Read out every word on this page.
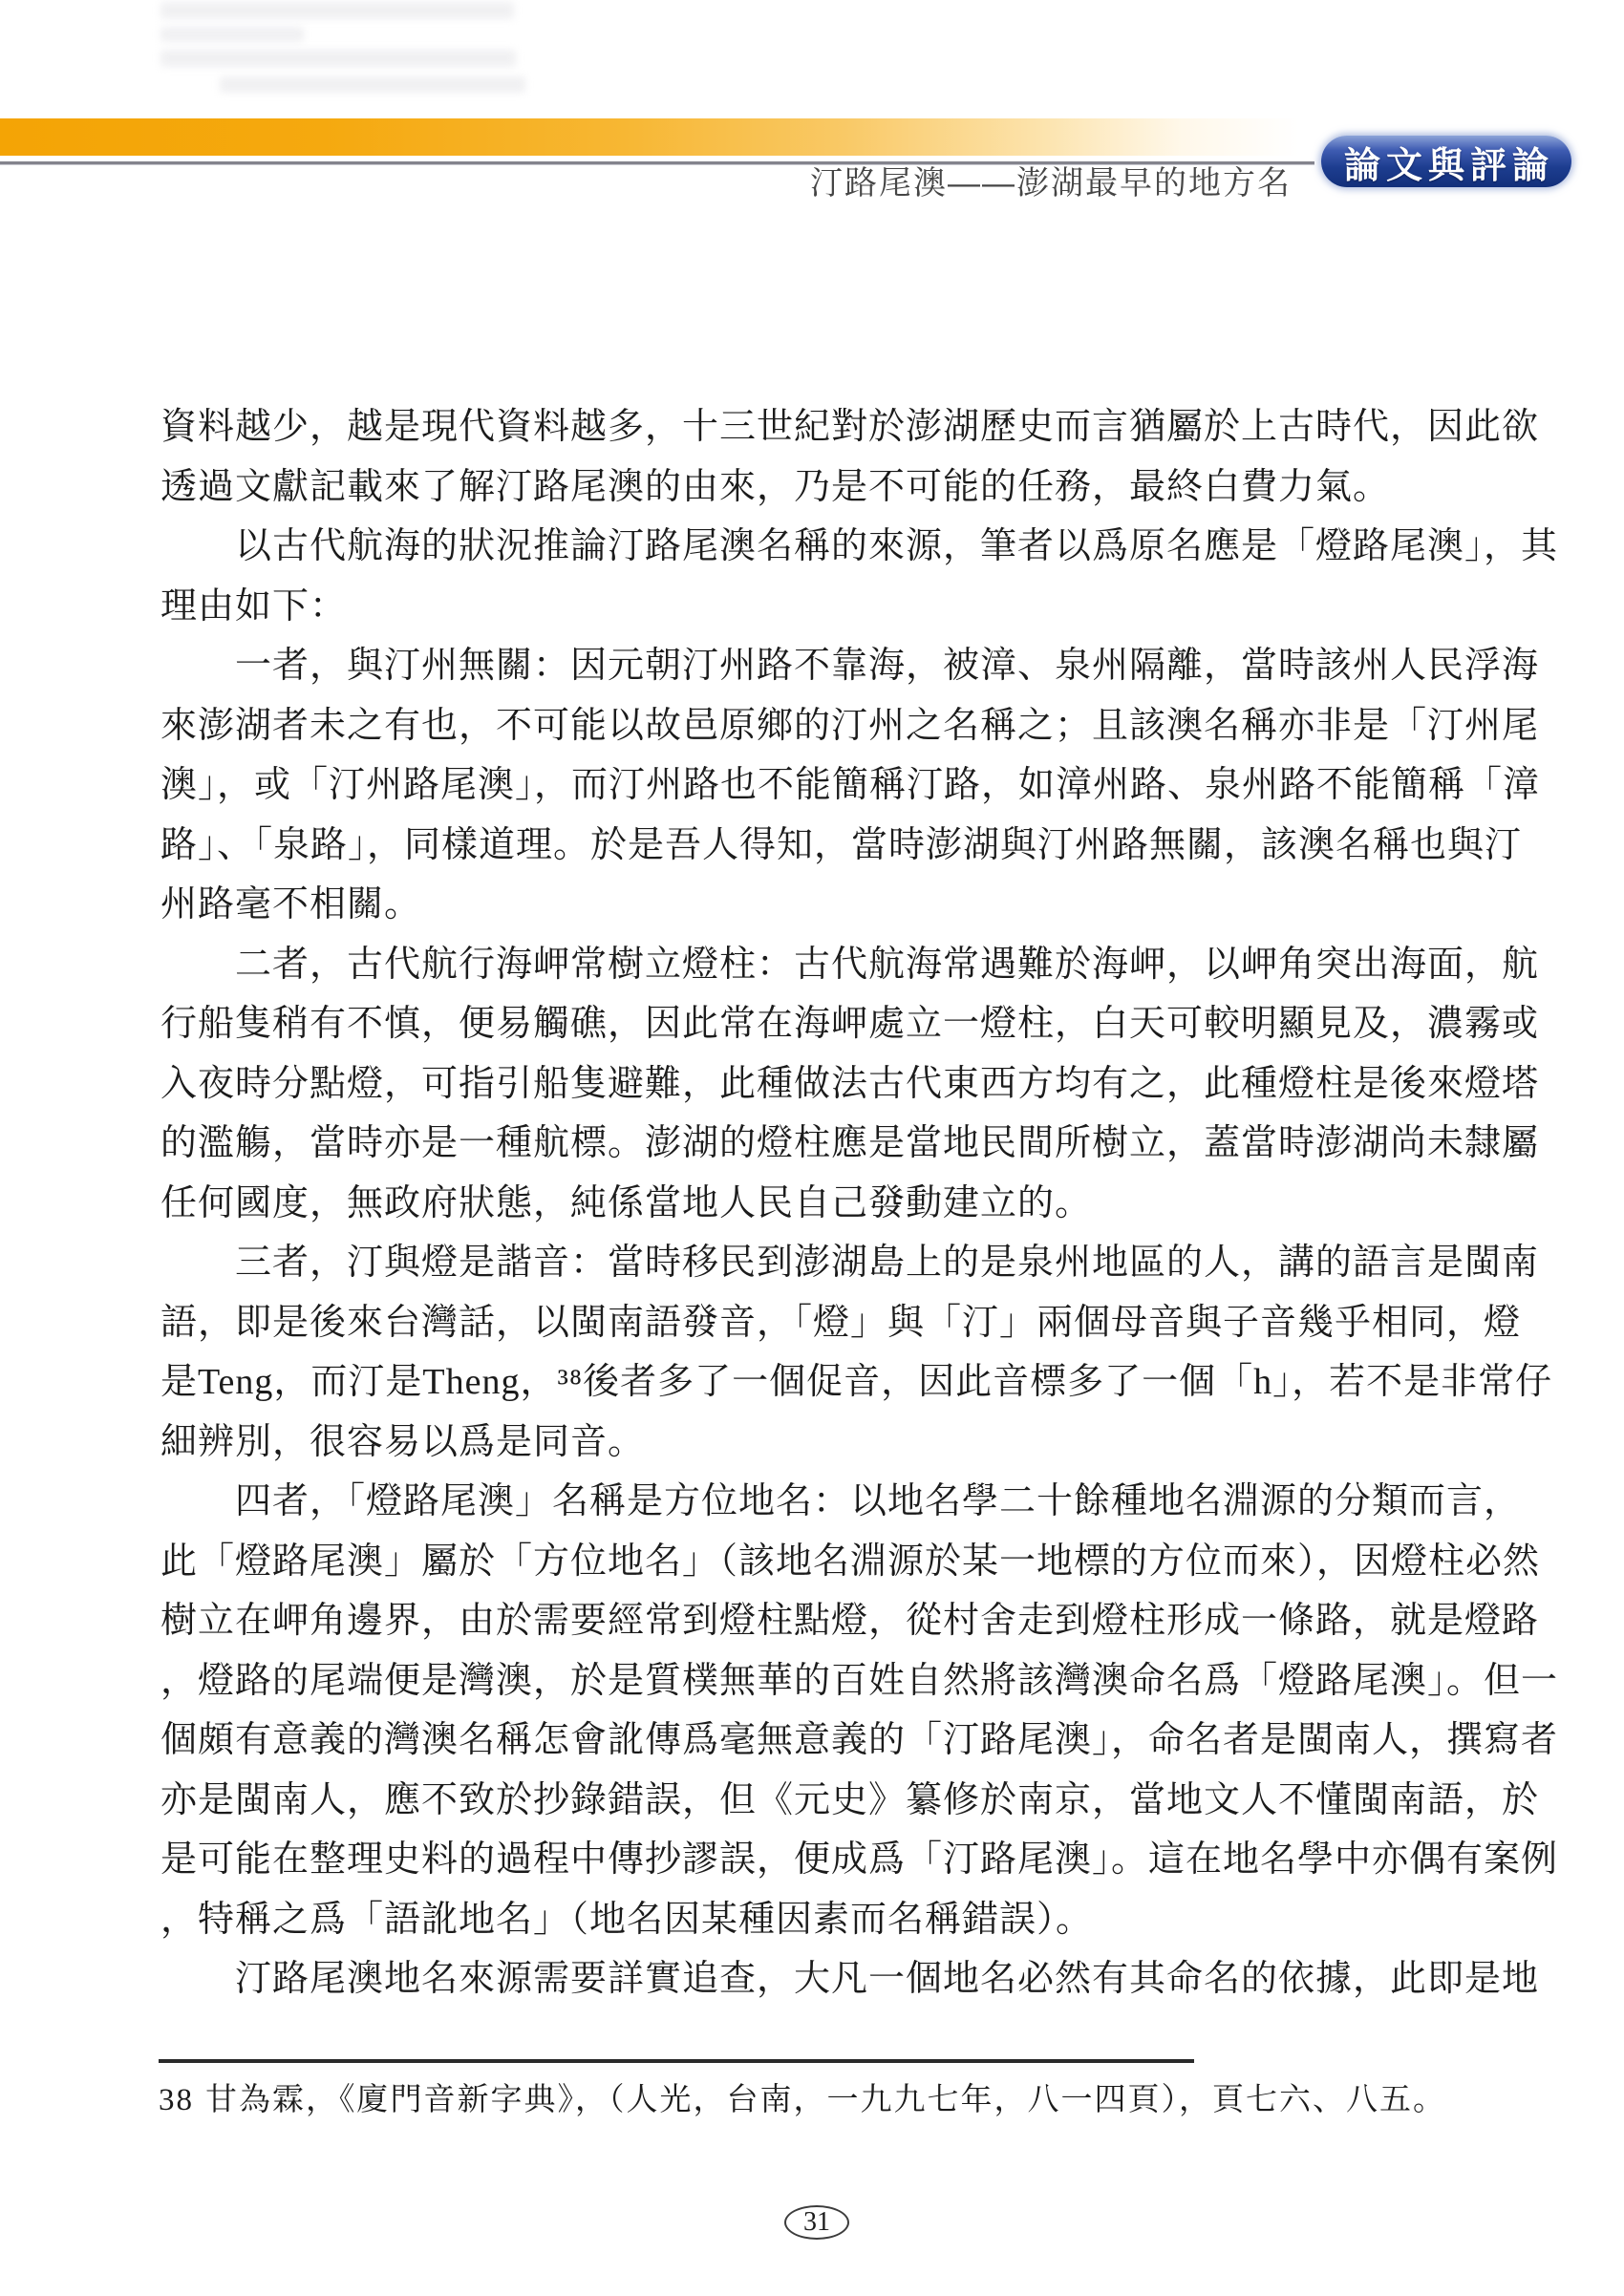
汀路尾澳——澎湖最早的地方名	論文與評論
資料越少，越是現代資料越多，十三世紀對於澎湖歷史而言猶屬於上古時代，因此欲
透過文獻記載來了解汀路尾澳的由來，乃是不可能的任務，最終白費力氣。
以古代航海的狀況推論汀路尾澳名稱的來源，筆者以爲原名應是「燈路尾澳」，其
理由如下：
一者，與汀州無關：因元朝汀州路不靠海，被漳、泉州隔離，當時該州人民浮海
來澎湖者未之有也，不可能以故邑原鄉的汀州之名稱之；且該澳名稱亦非是「汀州尾
澳」，或「汀州路尾澳」，而汀州路也不能簡稱汀路，如漳州路、泉州路不能簡稱「漳
路」、「泉路」，同樣道理。於是吾人得知，當時澎湖與汀州路無關，該澳名稱也與汀
州路毫不相關。
二者，古代航行海岬常樹立燈柱：古代航海常遇難於海岬，以岬角突出海面，航
行船隻稍有不慎，便易觸礁，因此常在海岬處立一燈柱，白天可較明顯見及，濃霧或
入夜時分點燈，可指引船隻避難，此種做法古代東西方均有之，此種燈柱是後來燈塔
的濫觴，當時亦是一種航標。澎湖的燈柱應是當地民間所樹立，蓋當時澎湖尚未隸屬
任何國度，無政府狀態，純係當地人民自己發動建立的。
三者，汀與燈是諧音：當時移民到澎湖島上的是泉州地區的人，講的語言是閩南
語，即是後來台灣話，以閩南語發音，「燈」與「汀」兩個母音與子音幾乎相同，燈
是Teng，而汀是Theng，³⁸後者多了一個促音，因此音標多了一個「h」，若不是非常仔
細辨別，很容易以爲是同音。
四者，「燈路尾澳」名稱是方位地名：以地名學二十餘種地名淵源的分類而言，
此「燈路尾澳」屬於「方位地名」（該地名淵源於某一地標的方位而來），因燈柱必然
樹立在岬角邊界，由於需要經常到燈柱點燈，從村舍走到燈柱形成一條路，就是燈路
，燈路的尾端便是灣澳，於是質樸無華的百姓自然將該灣澳命名爲「燈路尾澳」。但一
個頗有意義的灣澳名稱怎會訛傳爲毫無意義的「汀路尾澳」，命名者是閩南人，撰寫者
亦是閩南人，應不致於抄錄錯誤，但《元史》纂修於南京，當地文人不懂閩南語，於
是可能在整理史料的過程中傳抄謬誤，便成爲「汀路尾澳」。這在地名學中亦偶有案例
，特稱之爲「語訛地名」（地名因某種因素而名稱錯誤）。
汀路尾澳地名來源需要詳實追查，大凡一個地名必然有其命名的依據，此即是地
38 甘為霖，《廈門音新字典》，（人光，台南，一九九七年，八一四頁），頁七六、八五。
31
